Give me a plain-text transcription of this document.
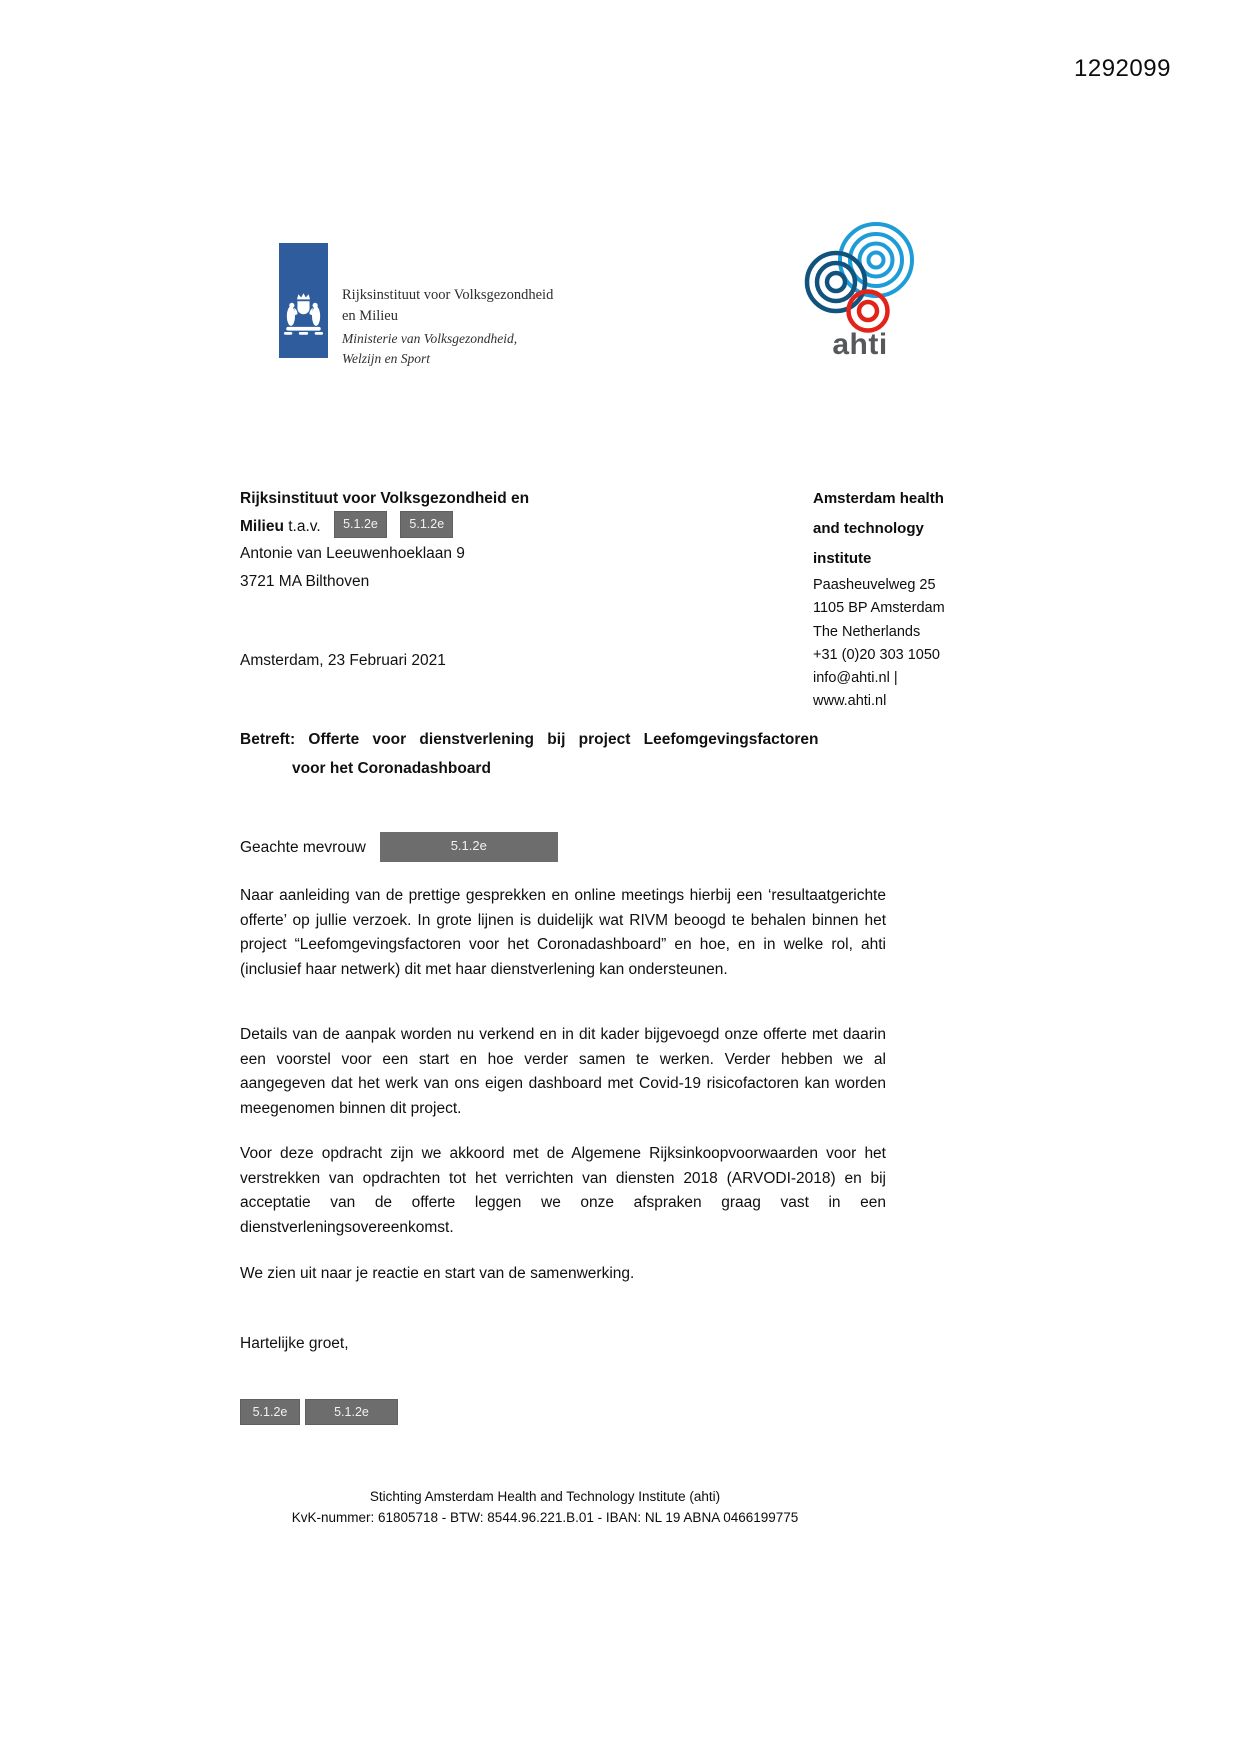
1292099
Rijksinstituut voor Volksgezondheid
en Milieu
Ministerie van Volksgezondheid,
Welzijn en Sport	ahti
Rijksinstituut voor Volksgezondheid en
Milieu t.a.v. 5.1.2e	5.1.2e
Antonie van Leeuwenhoeklaan 9
3721 MA Bilthoven
Amsterdam health
and technology
institute
Paasheuvelweg 25
1105 BP Amsterdam
The Netherlands
+31 (0)20 303 1050
info@ahti.nl |
www.ahti.nl
Amsterdam, 23 Februari 2021
Betreft: Offerte voor dienstverlening bij project Leefomgevingsfactoren
voor het Coronadashboard
Geachte mevrouw	5.1.2e
Naar aanleiding van de prettige gesprekken en online meetings hierbij een ‘resultaatgerichte offerte’ op jullie verzoek. In grote lijnen is duidelijk wat RIVM beoogd te behalen binnen het project “Leefomgevingsfactoren voor het Coronadashboard” en hoe, en in welke rol, ahti (inclusief haar netwerk) dit met haar dienstverlening kan ondersteunen.
Details van de aanpak worden nu verkend en in dit kader bijgevoegd onze offerte met daarin een voorstel voor een start en hoe verder samen te werken. Verder hebben we al aangegeven dat het werk van ons eigen dashboard met Covid-19 risicofactoren kan worden meegenomen binnen dit project.
Voor deze opdracht zijn we akkoord met de Algemene Rijksinkoopvoorwaarden voor het verstrekken van opdrachten tot het verrichten van diensten 2018 (ARVODI-2018) en bij acceptatie van de offerte leggen we onze afspraken graag vast in een dienstverleningsovereenkomst.
We zien uit naar je reactie en start van de samenwerking.
Hartelijke groet,
5.1.2e	5.1.2e
Stichting Amsterdam Health and Technology Institute (ahti)
KvK-nummer: 61805718 - BTW: 8544.96.221.B.01 - IBAN: NL 19 ABNA 0466199775
